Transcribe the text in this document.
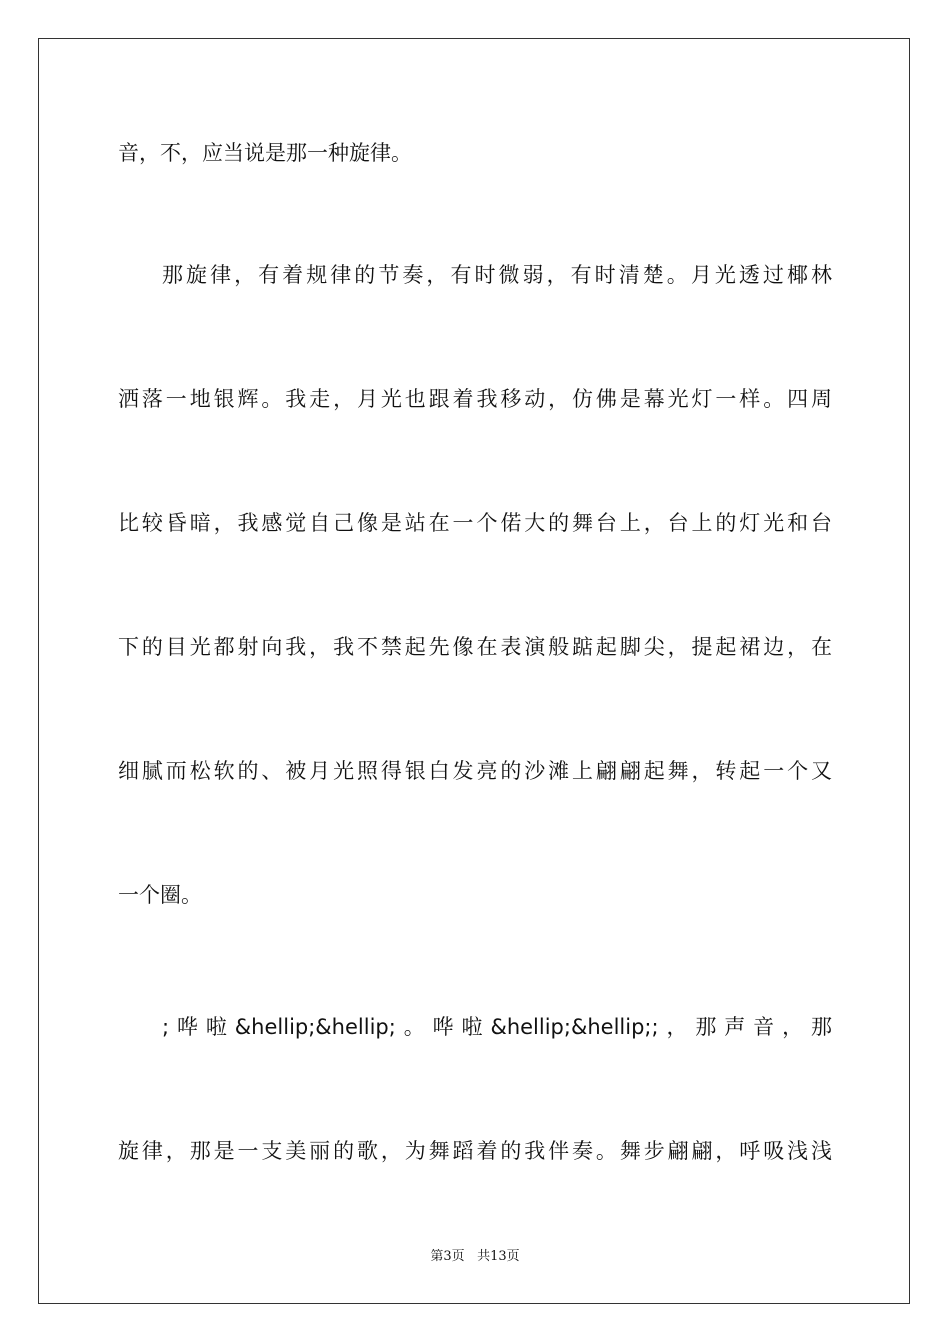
音，不，应当说是那一种旋律。
那旋律，有着规律的节奏，有时微弱，有时清楚。月光透过椰林
洒落一地银辉。我走，月光也跟着我移动，仿佛是幕光灯一样。四周
比较昏暗，我感觉自己像是站在一个偌大的舞台上，台上的灯光和台
下的目光都射向我，我不禁起先像在表演般踮起脚尖，提起裙边，在
细腻而松软的、被月光照得银白发亮的沙滩上翩翩起舞，转起一个又
一个圈。
;哗啦&hellip;&hellip;。哗啦&hellip;&hellip;;，那声音，那
旋律，那是一支美丽的歌，为舞蹈着的我伴奏。舞步翩翩，呼吸浅浅
第3页 共13页
